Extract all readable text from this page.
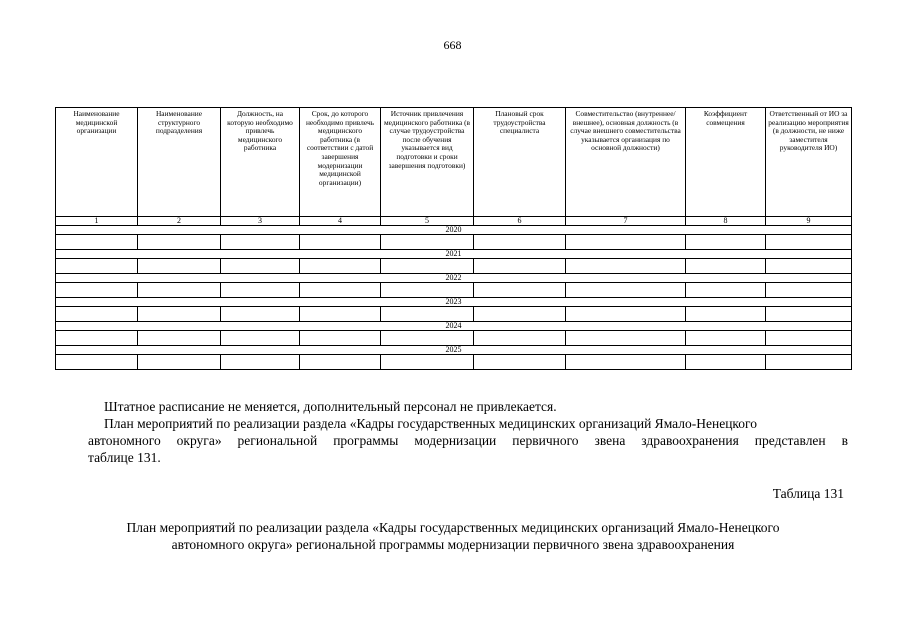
668
Наименование медицинской организации	Наименование структурного подразделения	Должность, на которую необходимо привлечь медицинского работника	Срок, до которого необходимо привлечь медицинского работника (в соответствии с датой завершения модернизации медицинской организации)	Источник привлечения медицинского работника (в случае трудоустройства после обучения указывается вид подготовки и сроки завершения подготовки)	Плановый срок трудоустройства специалиста	Совместительство (внутреннее/внешнее), основная должность (в случае внешнего совместительства указывается организация по основной должности)	Коэффициент совмещения	Ответственный от ИО за реализацию мероприятия (в должности, не ниже заместителя руководителя ИО)
1	2	3	4	5	6	7	8	9
2020								

2021								

2022								

2023								

2024								

2025								

Штатное расписание не меняется, дополнительный персонал не привлекается.
План мероприятий по реализации раздела «Кадры государственных медицинских организаций Ямало-Ненецкого
автономного округа» региональной программы модернизации первичного звена здравоохранения представлен в
таблице 131.
Таблица 131
План мероприятий по реализации раздела «Кадры государственных медицинских организаций Ямало-Ненецкого
автономного округа» региональной программы модернизации первичного звена здравоохранения
